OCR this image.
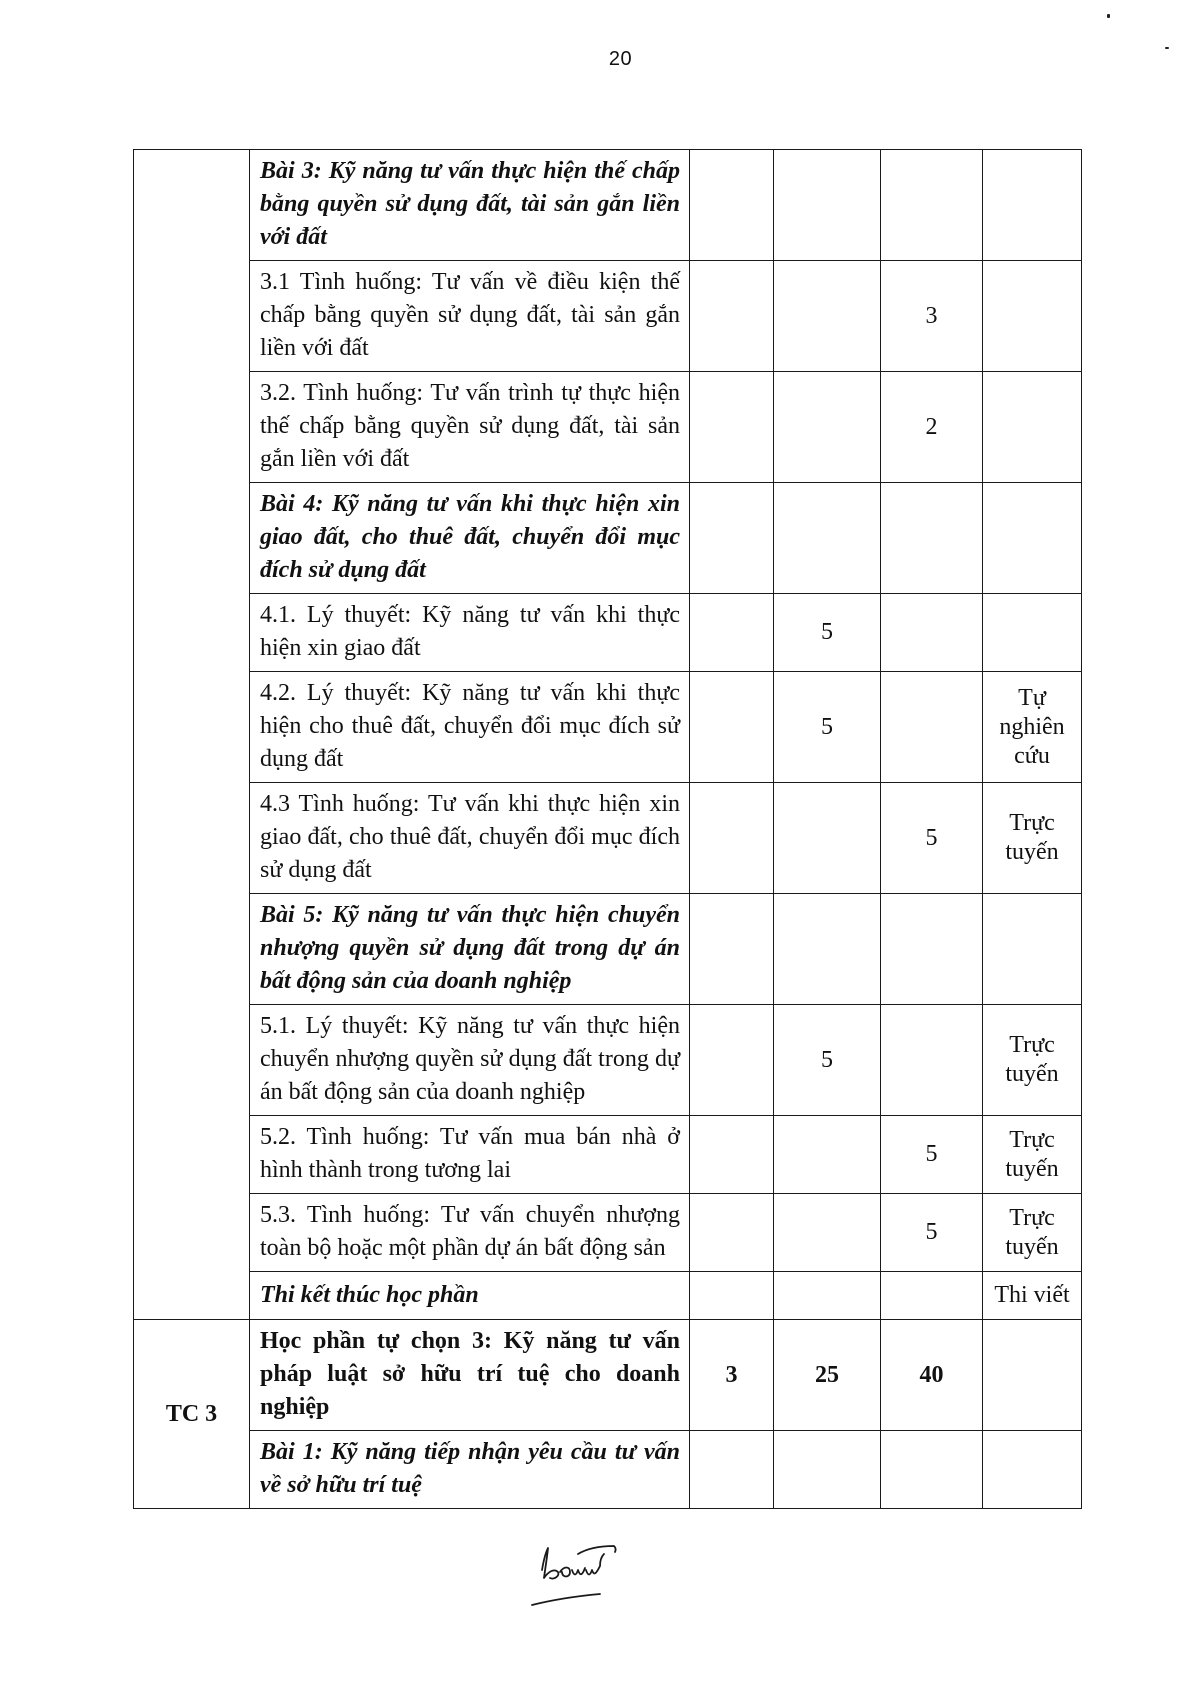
20
	Bài 3: Kỹ năng tư vấn thực hiện thế chấp bằng quyền sử dụng đất, tài sản gắn liền với đất				
	3.1 Tình huống: Tư vấn về điều kiện thế chấp bằng quyền sử dụng đất, tài sản gắn liền với đất			3	
	3.2. Tình huống: Tư vấn trình tự thực hiện thế chấp bằng quyền sử dụng đất, tài sản gắn liền với đất			2	
	Bài 4: Kỹ năng tư vấn khi thực hiện xin giao đất, cho thuê đất, chuyển đổi mục đích sử dụng đất				
	4.1. Lý thuyết: Kỹ năng tư vấn khi thực hiện xin giao đất		5		
	4.2. Lý thuyết: Kỹ năng tư vấn khi thực hiện cho thuê đất, chuyển đổi mục đích sử dụng đất		5		Tự nghiên cứu
	4.3 Tình huống: Tư vấn khi thực hiện xin giao đất, cho thuê đất, chuyển đổi mục đích sử dụng đất			5	Trực tuyến
	Bài 5: Kỹ năng tư vấn thực hiện chuyển nhượng quyền sử dụng đất trong dự án bất động sản của doanh nghiệp				
	5.1. Lý thuyết: Kỹ năng tư vấn thực hiện chuyển nhượng quyền sử dụng đất trong dự án bất động sản của doanh nghiệp		5		Trực tuyến
	5.2. Tình huống: Tư vấn mua bán nhà ở hình thành trong tương lai			5	Trực tuyến
	5.3. Tình huống: Tư vấn chuyển nhượng toàn bộ hoặc một phần dự án bất động sản			5	Trực tuyến
	Thi kết thúc học phần				Thi viết
TC 3	Học phần tự chọn 3: Kỹ năng tư vấn pháp luật sở hữu trí tuệ cho doanh nghiệp	3	25	40	
	Bài 1: Kỹ năng tiếp nhận yêu cầu tư vấn về sở hữu trí tuệ				
